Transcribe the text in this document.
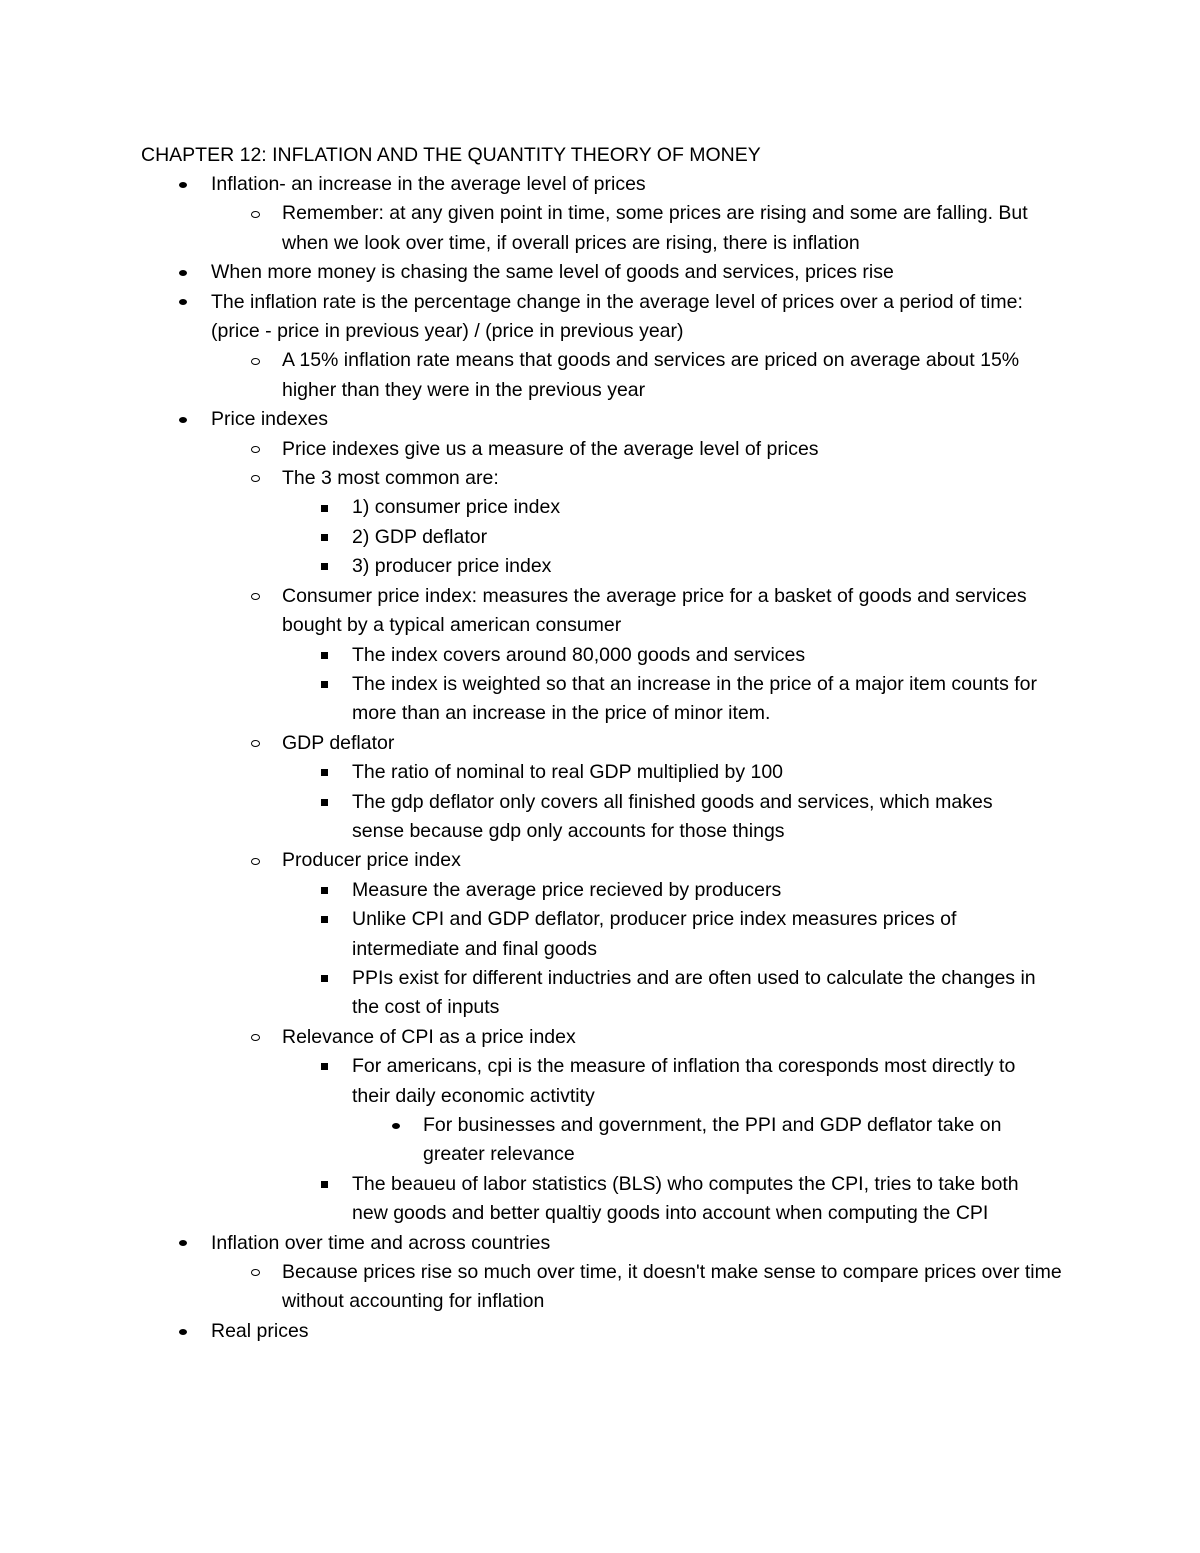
CHAPTER 12: INFLATION AND THE QUANTITY THEORY OF MONEY
Inflation- an increase in the average level of prices
Remember: at any given point in time, some prices are rising and some are falling. But when we look over time, if overall prices are rising, there is inflation
When more money is chasing the same level of goods and services, prices rise
The inflation rate is the percentage change in the average level of prices over a period of time: (price - price in previous year) / (price in previous year)
A 15% inflation rate means that goods and services are priced on average about 15% higher than they were in the previous year
Price indexes
Price indexes give us a measure of the average level of prices
The 3 most common are:
1) consumer price index
2) GDP deflator
3) producer price index
Consumer price index: measures the average price for a basket of goods and services bought by a typical american consumer
The index covers around 80,000 goods and services
The index is weighted so that an increase in the price of a major item counts for more than an increase in the price of minor item.
GDP deflator
The ratio of nominal to real GDP multiplied by 100
The gdp deflator only covers all finished goods and services, which makes sense because gdp only accounts for those things
Producer price index
Measure the average price recieved by producers
Unlike CPI and GDP deflator, producer price index measures prices of intermediate and final goods
PPIs exist for different inductries and are often used to calculate the changes in the cost of inputs
Relevance of CPI as a price index
For americans, cpi is the measure of inflation tha coresponds most directly to their daily economic activtity
For businesses and government, the PPI and GDP deflator take on greater relevance
The beaueu of labor statistics (BLS) who computes the CPI, tries to take both new goods and better qualtiy goods into account when computing the CPI
Inflation over time and across countries
Because prices rise so much over time, it doesn't make sense to compare prices over time without accounting for inflation
Real prices
